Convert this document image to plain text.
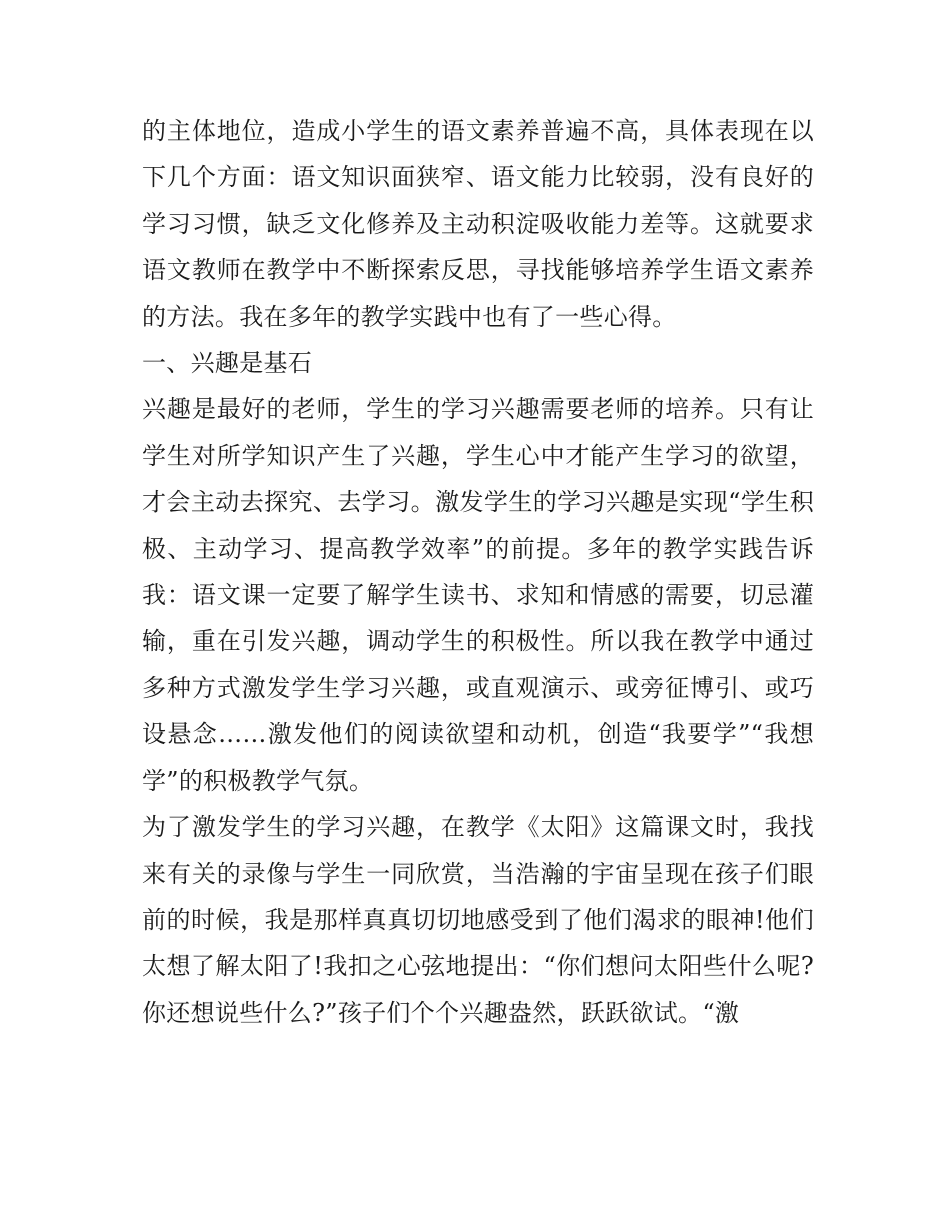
的主体地位，造成小学生的语文素养普遍不高，具体表现在以下几个方面：语文知识面狭窄、语文能力比较弱，没有良好的学习习惯，缺乏文化修养及主动积淀吸收能力差等。这就要求语文教师在教学中不断探索反思，寻找能够培养学生语文素养的方法。我在多年的教学实践中也有了一些心得。

一、兴趣是基石

兴趣是最好的老师，学生的学习兴趣需要老师的培养。只有让学生对所学知识产生了兴趣，学生心中才能产生学习的欲望，才会主动去探究、去学习。激发学生的学习兴趣是实现“学生积极、主动学习、提高教学效率”的前提。多年的教学实践告诉我：语文课一定要了解学生读书、求知和情感的需要，切忌灌输，重在引发兴趣，调动学生的积极性。所以我在教学中通过多种方式激发学生学习兴趣，或直观演示、或旁征博引、或巧设悬念……激发他们的阅读欲望和动机，创造“我要学”“我想学”的积极教学气氛。

为了激发学生的学习兴趣，在教学《太阳》这篇课文时，我找来有关的录像与学生一同欣赏，当浩瀚的宇宙呈现在孩子们眼前的时候，我是那样真真切切地感受到了他们渴求的眼神!他们太想了解太阳了!我扣之心弦地提出：“你们想问太阳些什么呢?你还想说些什么?”孩子们个个兴趣盎然，跃跃欲试。“激
